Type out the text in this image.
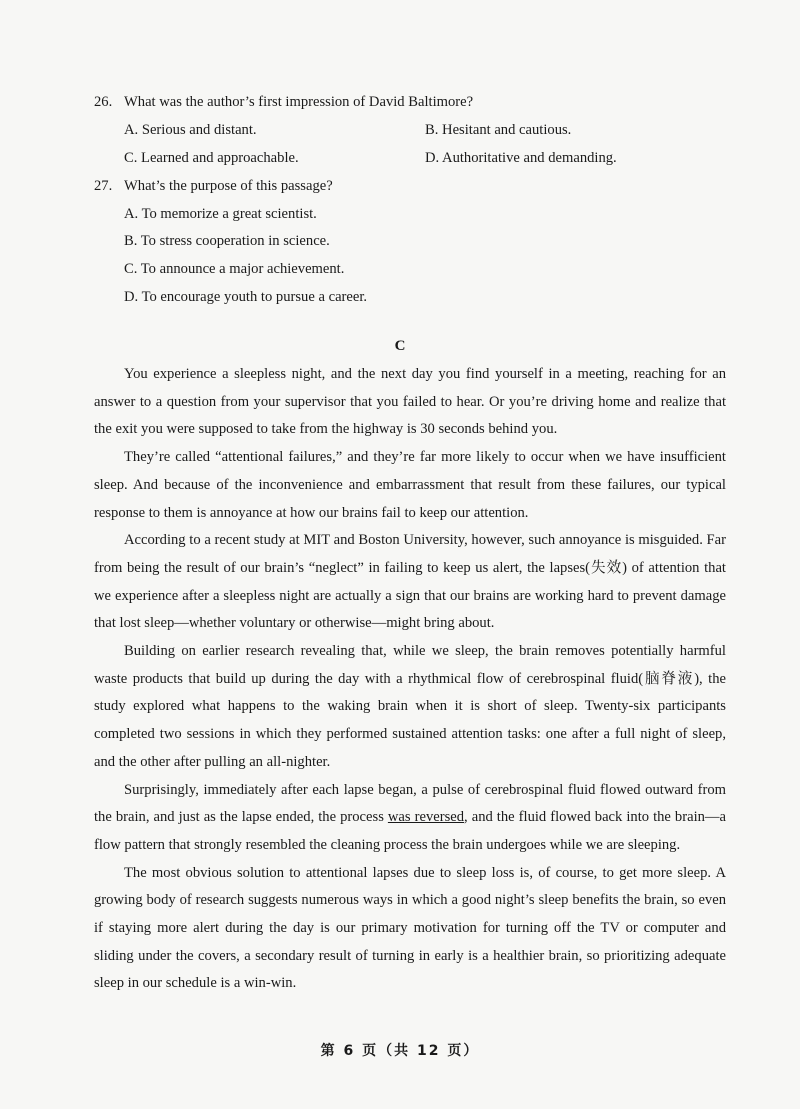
26. What was the author’s first impression of David Baltimore?
A. Serious and distant.	B. Hesitant and cautious.
C. Learned and approachable.	D. Authoritative and demanding.
27. What’s the purpose of this passage?
A. To memorize a great scientist.
B. To stress cooperation in science.
C. To announce a major achievement.
D. To encourage youth to pursue a career.
C

You experience a sleepless night, and the next day you find yourself in a meeting, reaching for an answer to a question from your supervisor that you failed to hear. Or you’re driving home and realize that the exit you were supposed to take from the highway is 30 seconds behind you.

They’re called “attentional failures,” and they’re far more likely to occur when we have insufficient sleep. And because of the inconvenience and embarrassment that result from these failures, our typical response to them is annoyance at how our brains fail to keep our attention.

According to a recent study at MIT and Boston University, however, such annoyance is misguided. Far from being the result of our brain’s “neglect” in failing to keep us alert, the lapses(失效) of attention that we experience after a sleepless night are actually a sign that our brains are working hard to prevent damage that lost sleep—whether voluntary or otherwise—might bring about.

Building on earlier research revealing that, while we sleep, the brain removes potentially harmful waste products that build up during the day with a rhythmical flow of cerebrospinal fluid(脑脊液), the study explored what happens to the waking brain when it is short of sleep. Twenty-six participants completed two sessions in which they performed sustained attention tasks: one after a full night of sleep, and the other after pulling an all-nighter.

Surprisingly, immediately after each lapse began, a pulse of cerebrospinal fluid flowed outward from the brain, and just as the lapse ended, the process was reversed, and the fluid flowed back into the brain—a flow pattern that strongly resembled the cleaning process the brain undergoes while we are sleeping.

The most obvious solution to attentional lapses due to sleep loss is, of course, to get more sleep. A growing body of research suggests numerous ways in which a good night’s sleep benefits the brain, so even if staying more alert during the day is our primary motivation for turning off the TV or computer and sliding under the covers, a secondary result of turning in early is a healthier brain, so prioritizing adequate sleep in our schedule is a win-win.

第 6 页（共 12 页）
